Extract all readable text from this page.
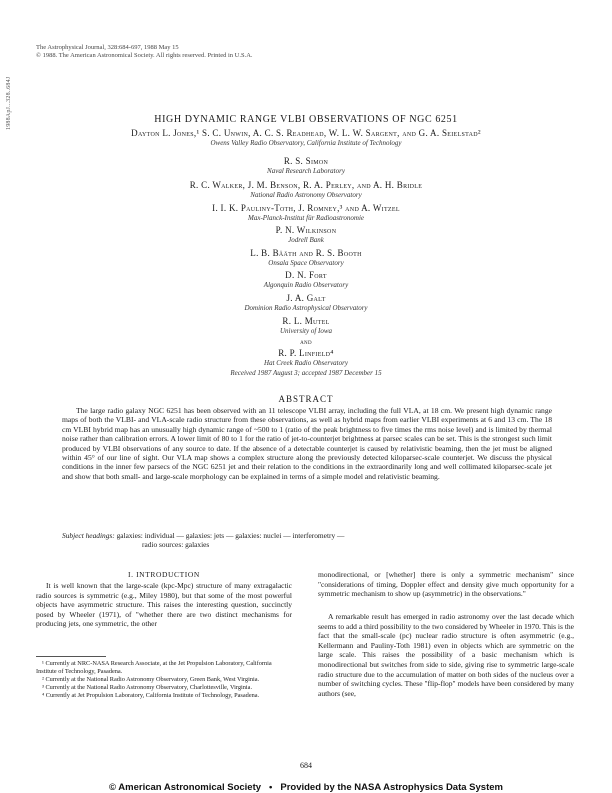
1988ApJ...328..684J
The Astrophysical Journal, 328:684-697, 1988 May 15
© 1988. The American Astronomical Society. All rights reserved. Printed in U.S.A.
HIGH DYNAMIC RANGE VLBI OBSERVATIONS OF NGC 6251
Dayton L. Jones,¹ S. C. Unwin, A. C. S. Readhead, W. L. W. Sargent, and G. A. Seielstad²
Owens Valley Radio Observatory, California Institute of Technology
R. S. Simon
Naval Research Laboratory
R. C. Walker, J. M. Benson, R. A. Perley, and A. H. Bridle
National Radio Astronomy Observatory
I. I. K. Pauliny-Toth, J. Romney,³ and A. Witzel
Max-Planck-Institut für Radioastronomie
P. N. Wilkinson
Jodrell Bank
L. B. Båäth and R. S. Booth
Onsala Space Observatory
D. N. Fort
Algonquin Radio Observatory
J. A. Galt
Dominion Radio Astrophysical Observatory
R. L. Mutel
University of Iowa
and
R. P. Linfield⁴
Hat Creek Radio Observatory
Received 1987 August 3; accepted 1987 December 15
ABSTRACT
The large radio galaxy NGC 6251 has been observed with an 11 telescope VLBI array, including the full VLA, at 18 cm. We present high dynamic range maps of both the VLBI- and VLA-scale radio structure from these observations, as well as hybrid maps from earlier VLBI experiments at 6 and 13 cm. The 18 cm VLBI hybrid map has an unusually high dynamic range of ~500 to 1 (ratio of the peak brightness to five times the rms noise level) and is limited by thermal noise rather than calibration errors. A lower limit of 80 to 1 for the ratio of jet-to-counterjet brightness at parsec scales can be set. This is the strongest such limit produced by VLBI observations of any source to date. If the absence of a detectable counterjet is caused by relativistic beaming, then the jet must be aligned within 45° of our line of sight. Our VLA map shows a complex structure along the previously detected kiloparsec-scale counterjet. We discuss the physical conditions in the inner few parsecs of the NGC 6251 jet and their relation to the conditions in the extraordinarily long and well collimated kiloparsec-scale jet and show that both small- and large-scale morphology can be explained in terms of a simple model and relativistic beaming.
Subject headings: galaxies: individual — galaxies: jets — galaxies: nuclei — interferometry —
radio sources: galaxies
I. INTRODUCTION
It is well known that the large-scale (kpc-Mpc) structure of many extragalactic radio sources is symmetric (e.g., Miley 1980), but that some of the most powerful objects have asymmetric structure. This raises the interesting question, succinctly posed by Wheeler (1971), of "whether there are two distinct mechanisms for producing jets, one symmetric, the other
¹ Currently at NRC-NASA Research Associate, at the Jet Propulsion Laboratory, California Institute of Technology, Pasadena.
² Currently at the National Radio Astronomy Observatory, Green Bank, West Virginia.
³ Currently at the National Radio Astronomy Observatory, Charlottesville, Virginia.
⁴ Currently at Jet Propulsion Laboratory, California Institute of Technology, Pasadena.
monodirectional, or [whether] there is only a symmetric mechanism" since "considerations of timing, Doppler effect and density give much opportunity for a symmetric mechanism to show up (asymmetric) in the observations."
A remarkable result has emerged in radio astronomy over the last decade which seems to add a third possibility to the two considered by Wheeler in 1970. This is the fact that the small-scale (pc) nuclear radio structure is often asymmetric (e.g., Kellermann and Pauliny-Toth 1981) even in objects which are symmetric on the large scale. This raises the possibility of a basic mechanism which is monodirectional but switches from side to side, giving rise to symmetric large-scale radio structure due to the accumulation of matter on both sides of the nucleus over a number of switching cycles. These "flip-flop" models have been considered by many authors (see,
684
© American Astronomical Society • Provided by the NASA Astrophysics Data System
